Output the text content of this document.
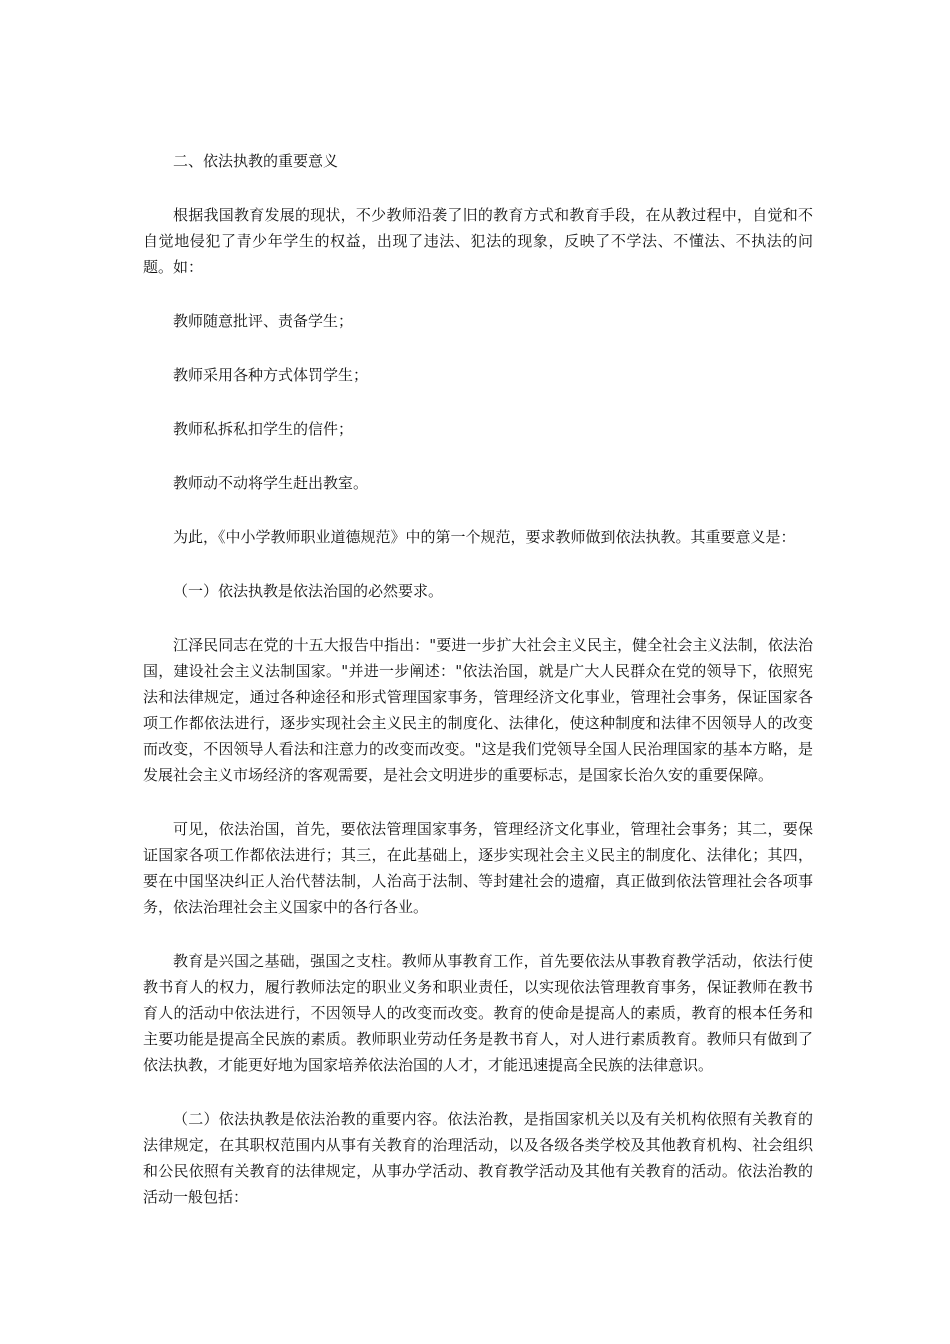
二、依法执教的重要意义

根据我国教育发展的现状，不少教师沿袭了旧的教育方式和教育手段，在从教过程中，自觉和不自觉地侵犯了青少年学生的权益，出现了违法、犯法的现象，反映了不学法、不懂法、不执法的问题。如：

教师随意批评、责备学生；

教师采用各种方式体罚学生；

教师私拆私扣学生的信件；

教师动不动将学生赶出教室。

为此，《中小学教师职业道德规范》中的第一个规范，要求教师做到依法执教。其重要意义是：

（一）依法执教是依法治国的必然要求。

江泽民同志在党的十五大报告中指出："要进一步扩大社会主义民主，健全社会主义法制，依法治国，建设社会主义法制国家。"并进一步阐述："依法治国，就是广大人民群众在党的领导下，依照宪法和法律规定，通过各种途径和形式管理国家事务，管理经济文化事业，管理社会事务，保证国家各项工作都依法进行，逐步实现社会主义民主的制度化、法律化，使这种制度和法律不因领导人的改变而改变，不因领导人看法和注意力的改变而改变。"这是我们党领导全国人民治理国家的基本方略，是发展社会主义市场经济的客观需要，是社会文明进步的重要标志，是国家长治久安的重要保障。

可见，依法治国，首先，要依法管理国家事务，管理经济文化事业，管理社会事务；其二，要保证国家各项工作都依法进行；其三，在此基础上，逐步实现社会主义民主的制度化、法律化；其四，要在中国坚决纠正人治代替法制，人治高于法制、等封建社会的遗瘤，真正做到依法管理社会各项事务，依法治理社会主义国家中的各行各业。

教育是兴国之基础，强国之支柱。教师从事教育工作，首先要依法从事教育教学活动，依法行使教书育人的权力，履行教师法定的职业义务和职业责任，以实现依法管理教育事务，保证教师在教书育人的活动中依法进行，不因领导人的改变而改变。教育的使命是提高人的素质，教育的根本任务和主要功能是提高全民族的素质。教师职业劳动任务是教书育人，对人进行素质教育。教师只有做到了依法执教，才能更好地为国家培养依法治国的人才，才能迅速提高全民族的法律意识。

（二）依法执教是依法治教的重要内容。依法治教，是指国家机关以及有关机构依照有关教育的法律规定，在其职权范围内从事有关教育的治理活动，以及各级各类学校及其他教育机构、社会组织和公民依照有关教育的法律规定，从事办学活动、教育教学活动及其他有关教育的活动。依法治教的活动一般包括：
